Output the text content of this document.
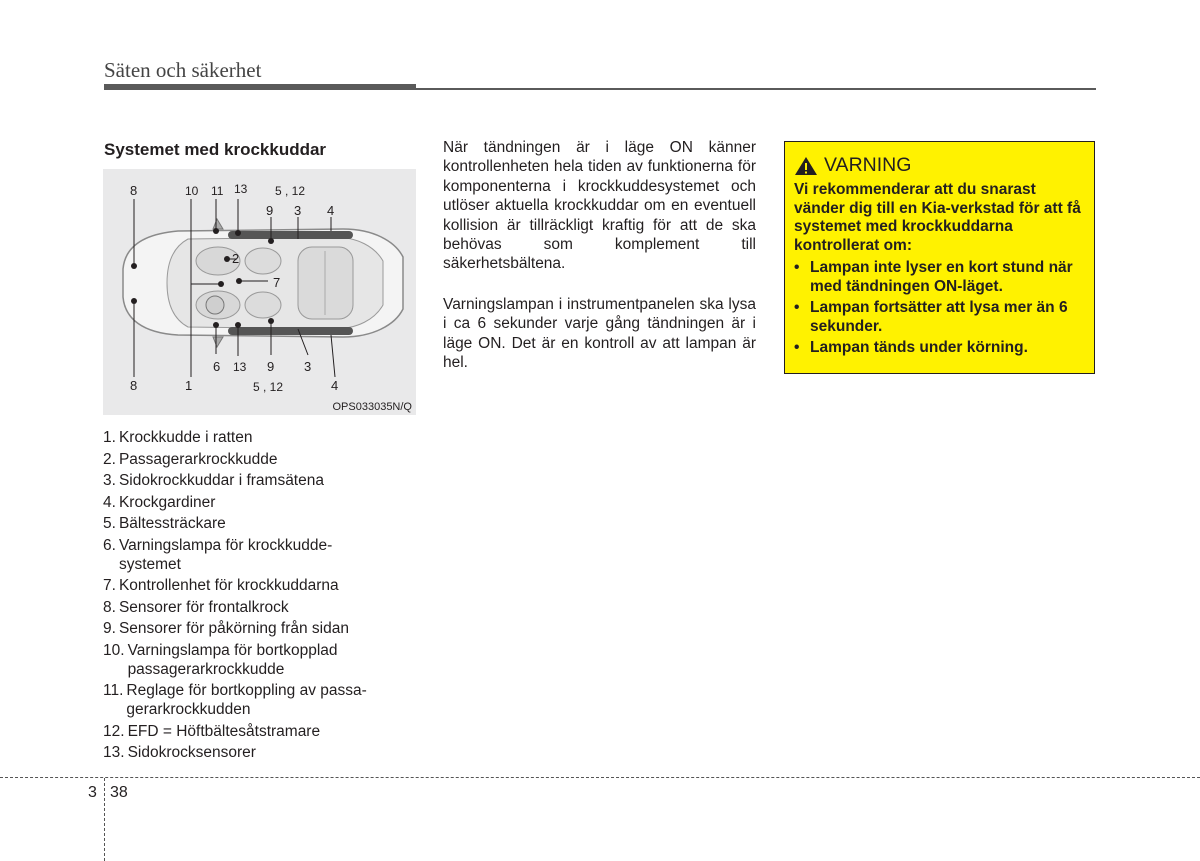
Säten och säkerhet
Systemet med krockkuddar
8	10 11 13 5 , 12
9 3 4
2
7
6 13 9 3
8	1	5 , 12	4
OPS033035N/Q
1. Krockkudde i ratten
2. Passagerarkrockkudde
3. Sidokrockkuddar i framsätena
4. Krockgardiner
5. Bältessträckare
6. Varningslampa för krockkudde-systemet
7. Kontrollenhet för krockkuddarna
8. Sensorer för frontalkrock
9. Sensorer för påkörning från sidan
10. Varningslampa för bortkopplad passagerarkrockkudde
11. Reglage för bortkoppling av passa-gerarkrockkudden
12. EFD = Höftbältesåtstramare
13. Sidokrocksensorer

När tändningen är i läge ON känner kontrollenheten hela tiden av funktionerna för komponenterna i krockkuddesystemet och utlöser aktuella krockkuddar om en eventuell kollision är tillräckligt kraftig för att de ska behövas som komplement till säkerhetsbältena.

Varningslampan i instrumentpanelen ska lysa i ca 6 sekunder varje gång tändningen är i läge ON. Det är en kontroll av att lampan är hel.

VARNING

Vi rekommenderar att du snarast vänder dig till en Kia-verkstad för att få systemet med krockkuddarna kontrollerat om:

• Lampan inte lyser en kort stund när med tändningen ON-läget.
• Lampan fortsätter att lysa mer än 6 sekunder.
• Lampan tänds under körning.
3 38
